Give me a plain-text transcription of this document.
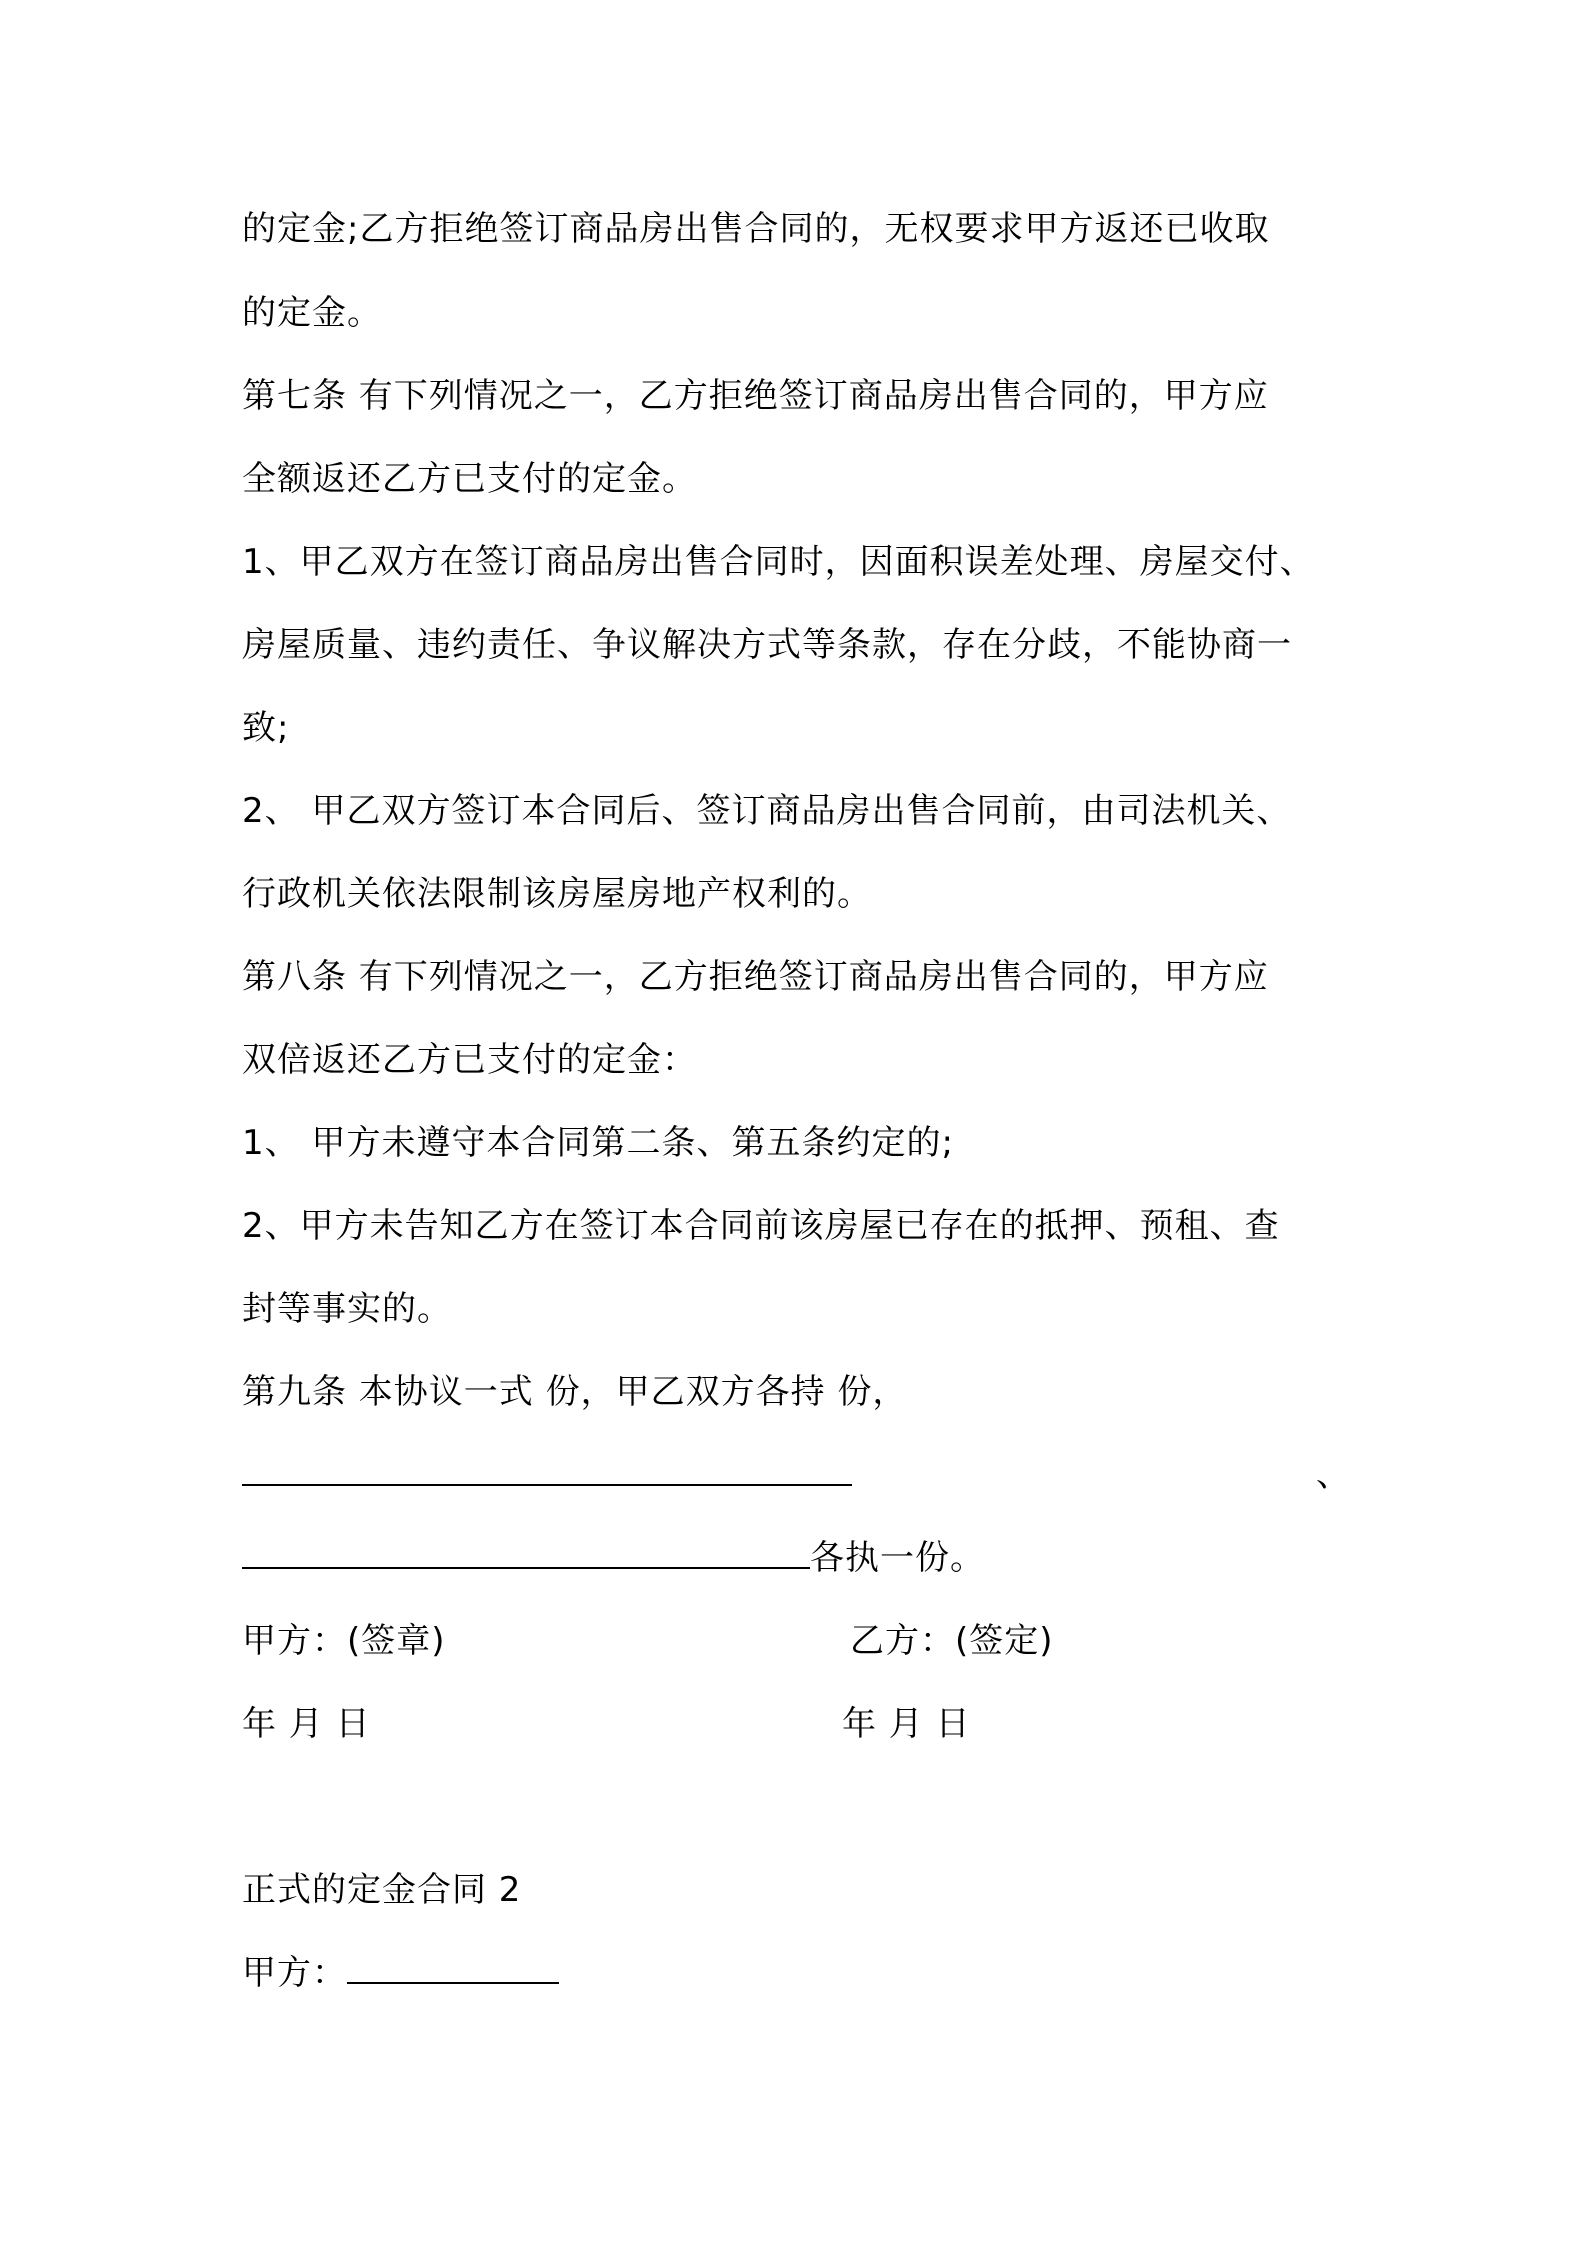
的定金;乙方拒绝签订商品房出售合同的，无权要求甲方返还已收取
的定金。
第七条 有下列情况之一，乙方拒绝签订商品房出售合同的，甲方应
全额返还乙方已支付的定金。
1、甲乙双方在签订商品房出售合同时，因面积误差处理、房屋交付、
房屋质量、违约责任、争议解决方式等条款，存在分歧，不能协商一
致;
2、 甲乙双方签订本合同后、签订商品房出售合同前，由司法机关、
行政机关依法限制该房屋房地产权利的。
第八条 有下列情况之一，乙方拒绝签订商品房出售合同的，甲方应
双倍返还乙方已支付的定金：
1、 甲方未遵守本合同第二条、第五条约定的;
2、甲方未告知乙方在签订本合同前该房屋已存在的抵押、预租、查
封等事实的。
第九条 本协议一式 份，甲乙双方各持 份，
、
各执一份。
甲方：(签章)	乙方：(签定)
年 月 日	年 月 日
正式的定金合同 2
甲方：
